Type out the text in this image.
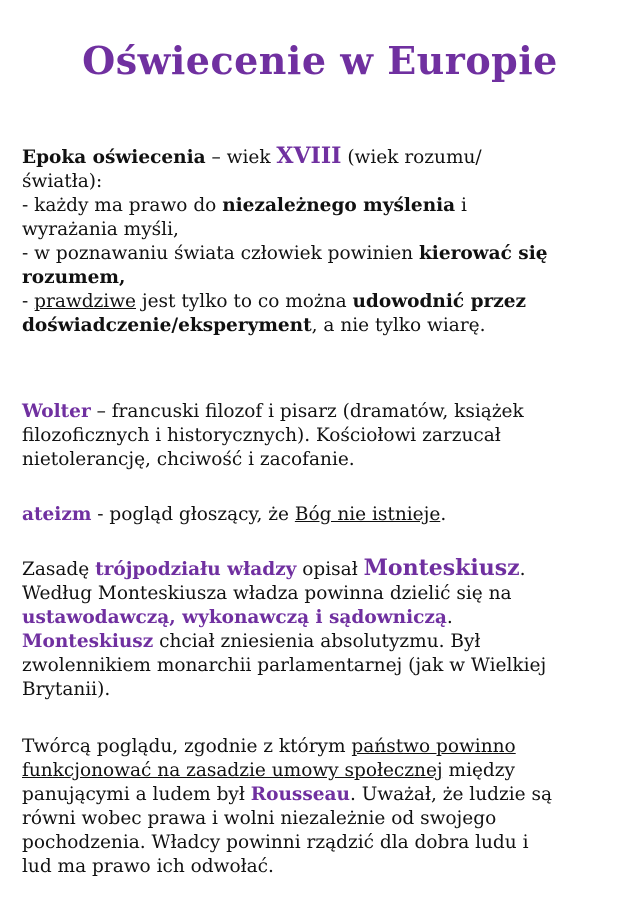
Oświecenie w Europie

Epoka oświecenia – wiek XVIII (wiek rozumu/
światła):
- każdy ma prawo do niezależnego myślenia i
wyrażania myśli,
- w poznawaniu świata człowiek powinien kierować się
rozumem,
- prawdziwe jest tylko to co można udowodnić przez
doświadczenie/eksperyment, a nie tylko wiarę.

Wolter – francuski filozof i pisarz (dramatów, książek
filozoficznych i historycznych). Kościołowi zarzucał
nietolerancję, chciwość i zacofanie.

ateizm - pogląd głoszący, że Bóg nie istnieje.

Zasadę trójpodziału władzy opisał Monteskiusz.
Według Monteskiusza władza powinna dzielić się na
ustawodawczą, wykonawczą i sądowniczą.
Monteskiusz chciał zniesienia absolutyzmu. Był
zwolennikiem monarchii parlamentarnej (jak w Wielkiej
Brytanii).

Twórcą poglądu, zgodnie z którym państwo powinno
funkcjonować na zasadzie umowy społecznej między
panującymi a ludem był Rousseau. Uważał, że ludzie są
równi wobec prawa i wolni niezależnie od swojego
pochodzenia. Władcy powinni rządzić dla dobra ludu i
lud ma prawo ich odwołać.
